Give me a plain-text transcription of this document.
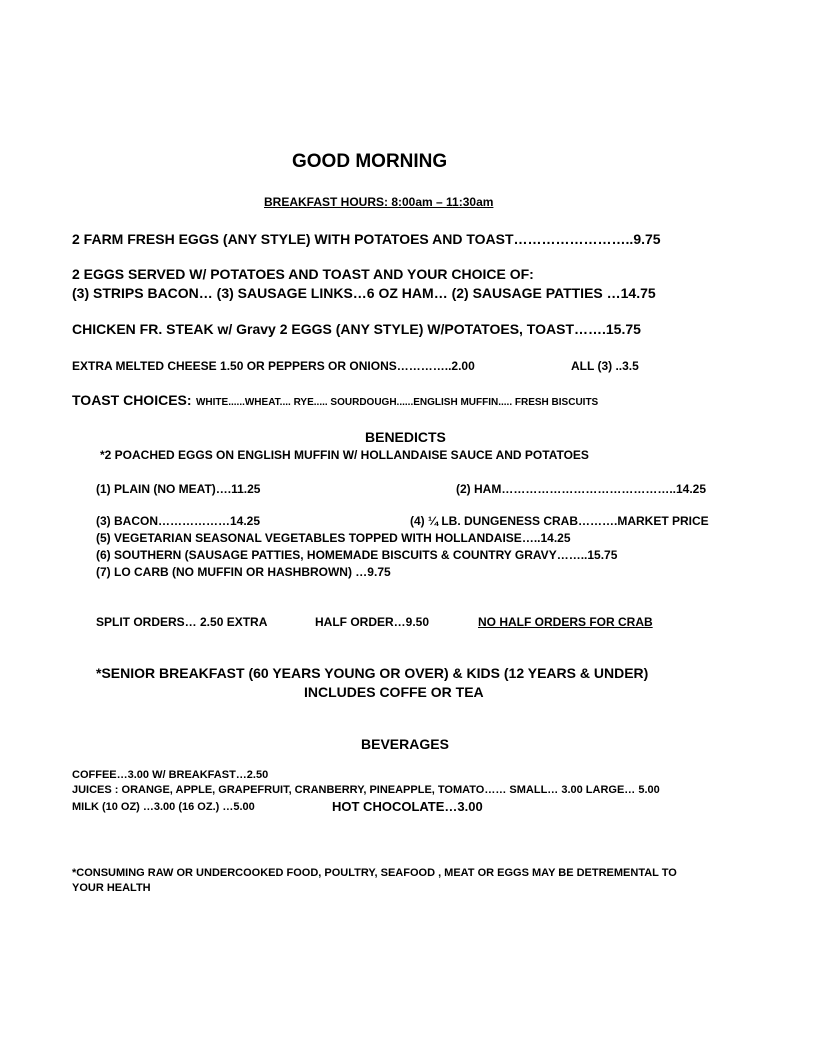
GOOD MORNING
BREAKFAST HOURS: 8:00am – 11:30am
2 FARM FRESH EGGS (ANY STYLE) WITH POTATOES AND TOAST……………………..9.75
2 EGGS SERVED W/ POTATOES AND TOAST AND YOUR CHOICE OF:
(3) STRIPS BACON… (3) SAUSAGE LINKS…6 OZ HAM… (2) SAUSAGE PATTIES …14.75
CHICKEN FR. STEAK w/ Gravy 2 EGGS (ANY STYLE) W/POTATOES, TOAST…….15.75
EXTRA MELTED CHEESE 1.50 OR PEPPERS OR ONIONS…………..2.00	ALL (3) ..3.5
TOAST CHOICES: WHITE......WHEAT.... RYE..... SOURDOUGH......ENGLISH MUFFIN..... FRESH BISCUITS
BENEDICTS
*2 POACHED EGGS ON ENGLISH MUFFIN W/ HOLLANDAISE SAUCE AND POTATOES
(1) PLAIN (NO MEAT)….11.25	(2) HAM……………………………………..14.25
(3) BACON………………14.25	(4) ¼ LB. DUNGENESS CRAB……….MARKET PRICE
(5) VEGETARIAN SEASONAL VEGETABLES TOPPED WITH HOLLANDAISE…..14.25
(6) SOUTHERN (SAUSAGE PATTIES, HOMEMADE BISCUITS & COUNTRY GRAVY……..15.75
(7) LO CARB (NO MUFFIN OR HASHBROWN) …9.75
SPLIT ORDERS… 2.50 EXTRA	HALF ORDER…9.50	NO HALF ORDERS FOR CRAB
*SENIOR BREAKFAST (60 YEARS YOUNG OR OVER) & KIDS (12 YEARS & UNDER)
INCLUDES COFFE OR TEA
BEVERAGES
COFFEE…3.00 W/ BREAKFAST…2.50
JUICES : ORANGE, APPLE, GRAPEFRUIT, CRANBERRY, PINEAPPLE, TOMATO…… SMALL… 3.00 LARGE… 5.00
MILK (10 OZ) …3.00 (16 OZ.) …5.00	HOT CHOCOLATE…3.00
*CONSUMING RAW OR UNDERCOOKED FOOD, POULTRY, SEAFOOD , MEAT OR EGGS MAY BE DETREMENTAL TO
YOUR HEALTH
